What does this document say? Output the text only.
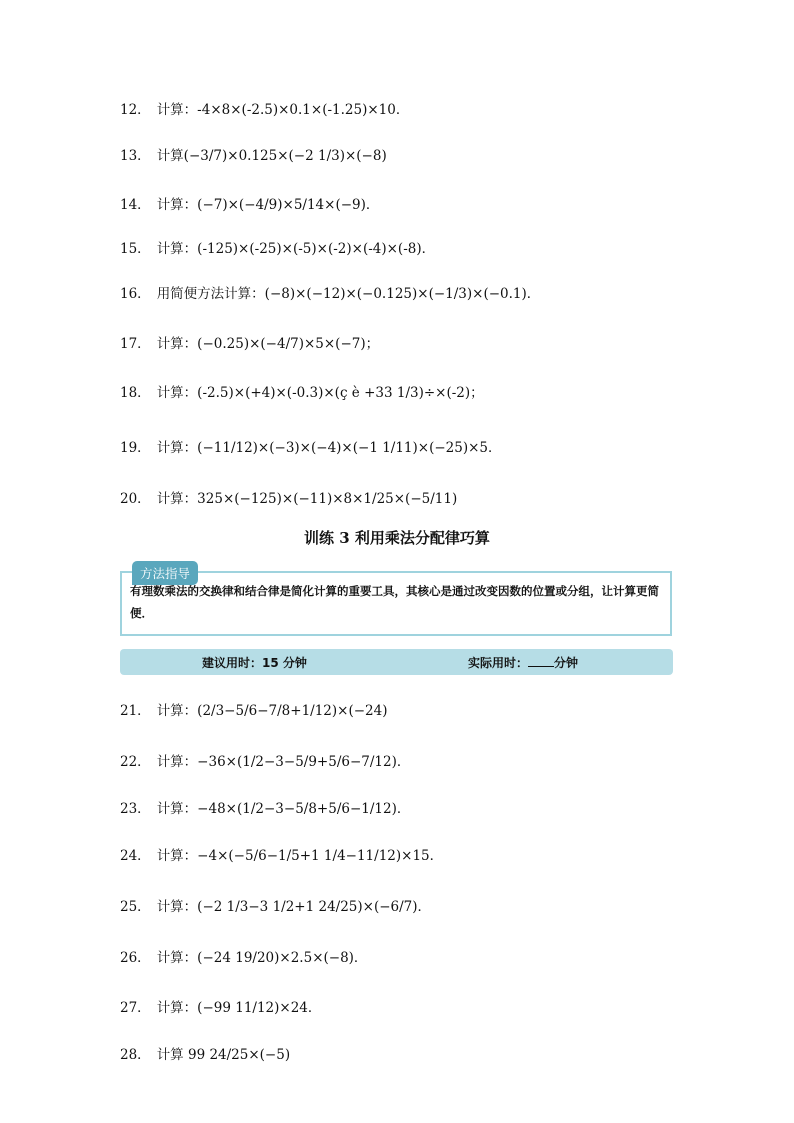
12． 计算：-4×8×(-2.5)×0.1×(-1.25)×10．
13． 计算(−3/7)×0.125×(−2 1/3)×(−8)
14． 计算：(−7)×(−4/9)×5/14×(−9)．
15． 计算：(-125)×(-25)×(-5)×(-2)×(-4)×(-8)．
16． 用简便方法计算：(−8)×(−12)×(−0.125)×(−1/3)×(−0.1)．
17． 计算：(−0.25)×(−4/7)×5×(−7)；
18． 计算：(-2.5)×(+4)×(-0.3)×(ç è +33 1/3)÷×(-2)；
19． 计算：(−11/12)×(−3)×(−4)×(−1 1/11)×(−25)×5．
20． 计算：325×(−125)×(−11)×8×1/25×(−5/11)
训练 3 利用乘法分配律巧算
方法指导
有理数乘法的交换律和结合律是简化计算的重要工具，其核心是通过改变因数的位置或分组，让计算更简便．
建议用时：15 分钟	实际用时： 分钟
21． 计算：(2/3−5/6−7/8+1/12)×(−24)
22． 计算：−36×(1/2−3−5/9+5/6−7/12)．
23． 计算：−48×(1/2−3−5/8+5/6−1/12)．
24． 计算：−4×(−5/6−1/5+1 1/4−11/12)×15．
25． 计算：(−2 1/3−3 1/2+1 24/25)×(−6/7)．
26． 计算：(−24 19/20)×2.5×(−8)．
27． 计算：(−99 11/12)×24．
28． 计算 99 24/25×(−5)
